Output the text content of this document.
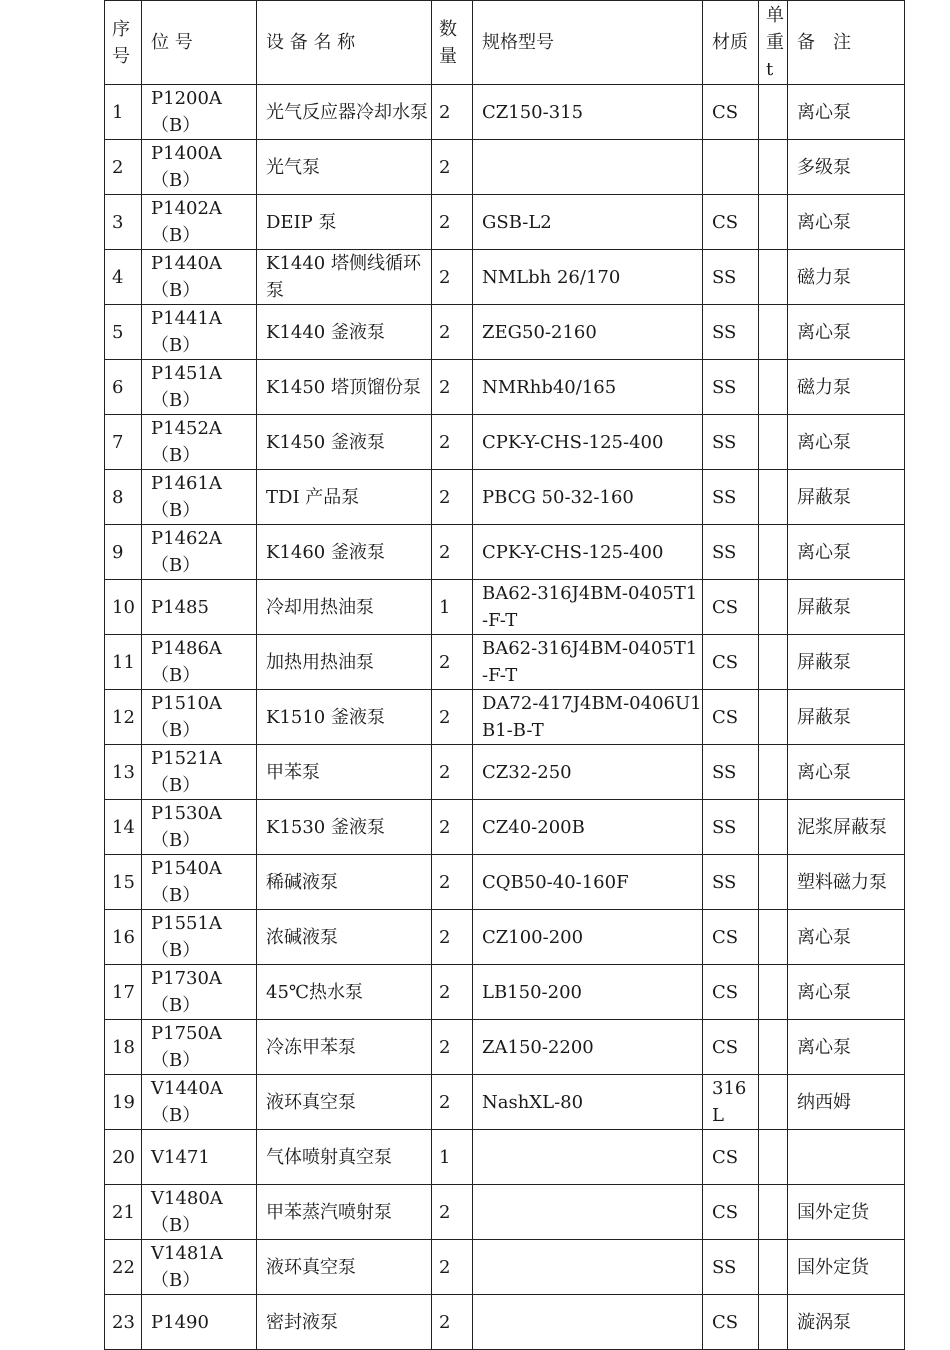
序号	位 号	设 备 名 称	数量	规格型号	材质	单重t	备　注
1	P1200A（B）	光气反应器冷却水泵	2	CZ150-315	CS		离心泵
2	P1400A（B）	光气泵	2				多级泵
3	P1402A（B）	DEIP 泵	2	GSB-L2	CS		离心泵
4	P1440A（B）	K1440 塔侧线循环泵	2	NMLbh 26/170	SS		磁力泵
5	P1441A（B）	K1440 釜液泵	2	ZEG50-2160	SS		离心泵
6	P1451A（B）	K1450 塔顶馏份泵	2	NMRhb40/165	SS		磁力泵
7	P1452A（B）	K1450 釜液泵	2	CPK-Y-CHS-125-400	SS		离心泵
8	P1461A（B）	TDI 产品泵	2	PBCG 50-32-160	SS		屏蔽泵
9	P1462A（B）	K1460 釜液泵	2	CPK-Y-CHS-125-400	SS		离心泵
10	P1485	冷却用热油泵	1	BA62-316J4BM-0405T1-F-T	CS		屏蔽泵
11	P1486A（B）	加热用热油泵	2	BA62-316J4BM-0405T1-F-T	CS		屏蔽泵
12	P1510A（B）	K1510 釜液泵	2	DA72-417J4BM-0406U1B1-B-T	CS		屏蔽泵
13	P1521A（B）	甲苯泵	2	CZ32-250	SS		离心泵
14	P1530A（B）	K1530 釜液泵	2	CZ40-200B	SS		泥浆屏蔽泵
15	P1540A（B）	稀碱液泵	2	CQB50-40-160F	SS		塑料磁力泵
16	P1551A（B）	浓碱液泵	2	CZ100-200	CS		离心泵
17	P1730A（B）	45℃热水泵	2	LB150-200	CS		离心泵
18	P1750A（B）	冷冻甲苯泵	2	ZA150-2200	CS		离心泵
19	V1440A（B）	液环真空泵	2	NashXL-80	316L		纳西姆
20	V1471	气体喷射真空泵	1		CS		
21	V1480A（B）	甲苯蒸汽喷射泵	2		CS		国外定货
22	V1481A（B）	液环真空泵	2		SS		国外定货
23	P1490	密封液泵	2		CS		漩涡泵
